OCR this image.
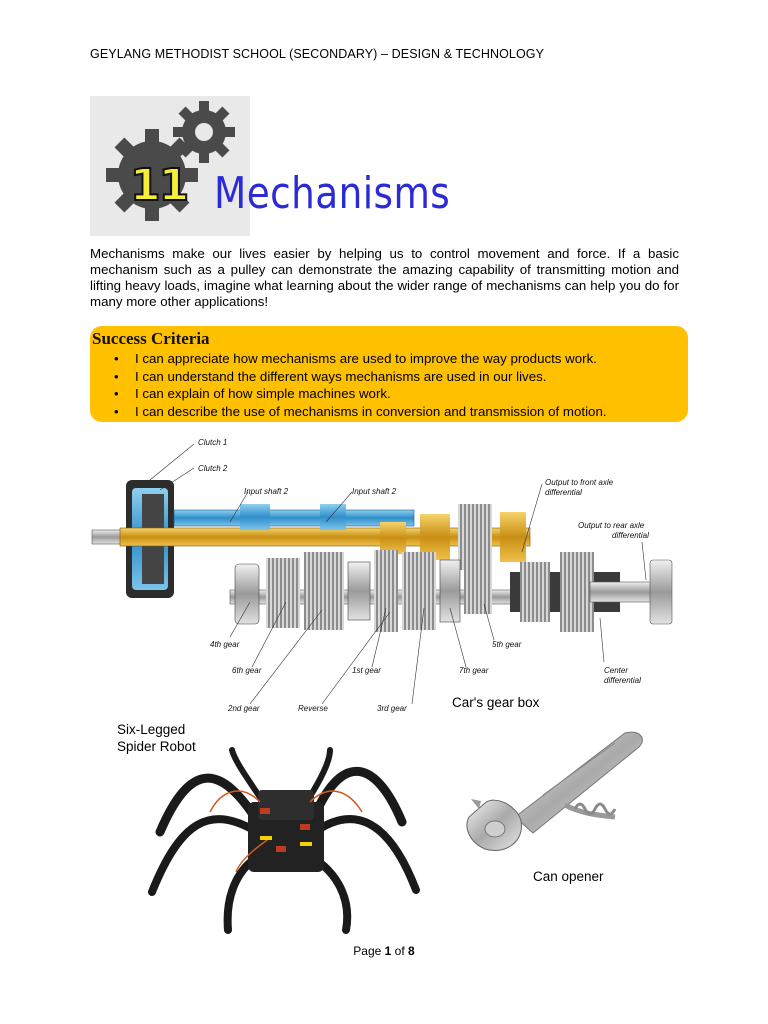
GEYLANG METHODIST SCHOOL (SECONDARY) – DESIGN & TECHNOLOGY
11 Mechanisms
Mechanisms make our lives easier by helping us to control movement and force. If a basic mechanism such as a pulley can demonstrate the amazing capability of transmitting motion and lifting heavy loads, imagine what learning about the wider range of mechanisms can help you do for many more other applications!
Success Criteria
• I can appreciate how mechanisms are used to improve the way products work.
• I can understand the different ways mechanisms are used in our lives.
• I can explain of how simple machines work.
• I can describe the use of mechanisms in conversion and transmission of motion.
Clutch 1
Clutch 2
Input shaft 2	Input shaft 2
Output to front axle
differential
Output to rear axle
differential
4th gear
6th gear
2nd gear	Reverse
1st gear
3rd gear
7th gear
5th gear
Center
differential
Car's gear box
Six-Legged
Spider Robot
Can opener
Page 1 of 8
